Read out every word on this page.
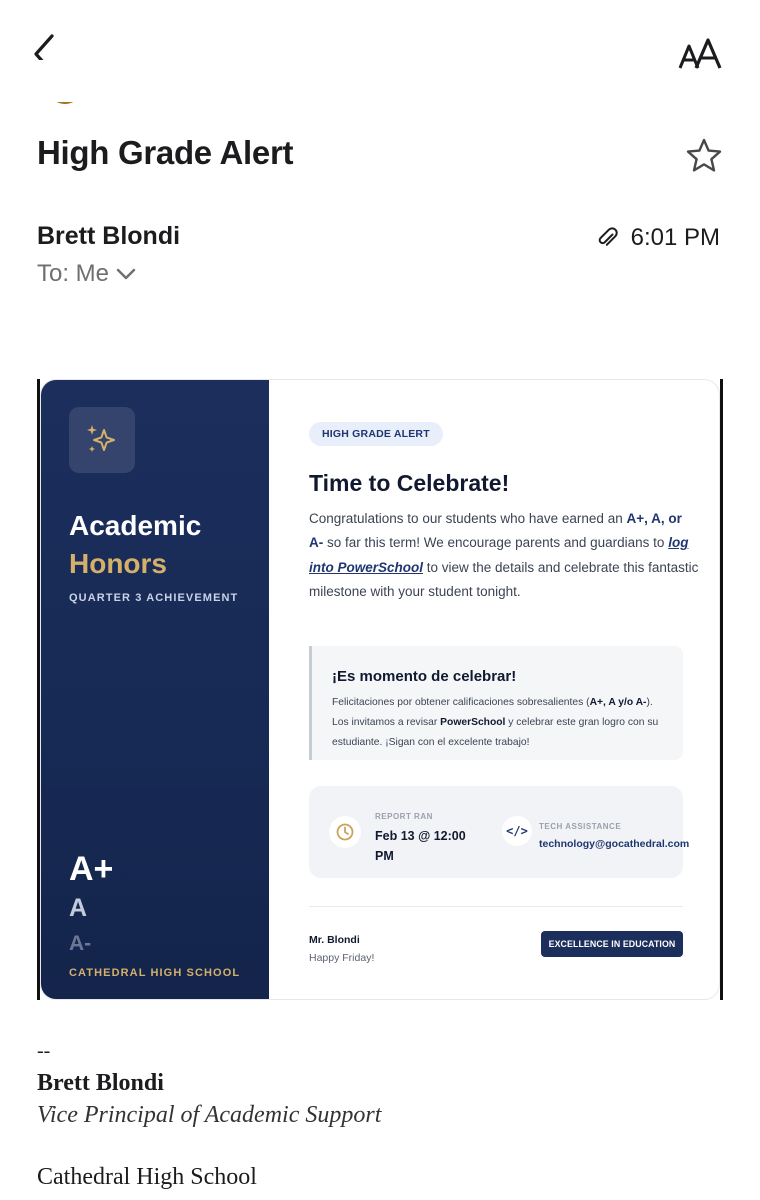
High Grade Alert
Brett Blondi
To: Me
6:01 PM
Academic
Honors
QUARTER 3 ACHIEVEMENT
A+
A
A-
CATHEDRAL HIGH SCHOOL
HIGH GRADE ALERT
Time to Celebrate!
Congratulations to our students who have earned an A+, A, or A- so far this term! We encourage parents and guardians to log into PowerSchool to view the details and celebrate this fantastic milestone with your student tonight.
¡Es momento de celebrar!
Felicitaciones por obtener calificaciones sobresalientes (A+, A y/o A-). Los invitamos a revisar PowerSchool y celebrar este gran logro con su estudiante. ¡Sigan con el excelente trabajo!
REPORT RAN
Feb 13 @ 12:00 PM
</>	TECH ASSISTANCE
technology@gocathedral.com
Mr. Blondi
Happy Friday!
EXCELLENCE IN EDUCATION
--
Brett Blondi
Vice Principal of Academic Support
Cathedral High School
